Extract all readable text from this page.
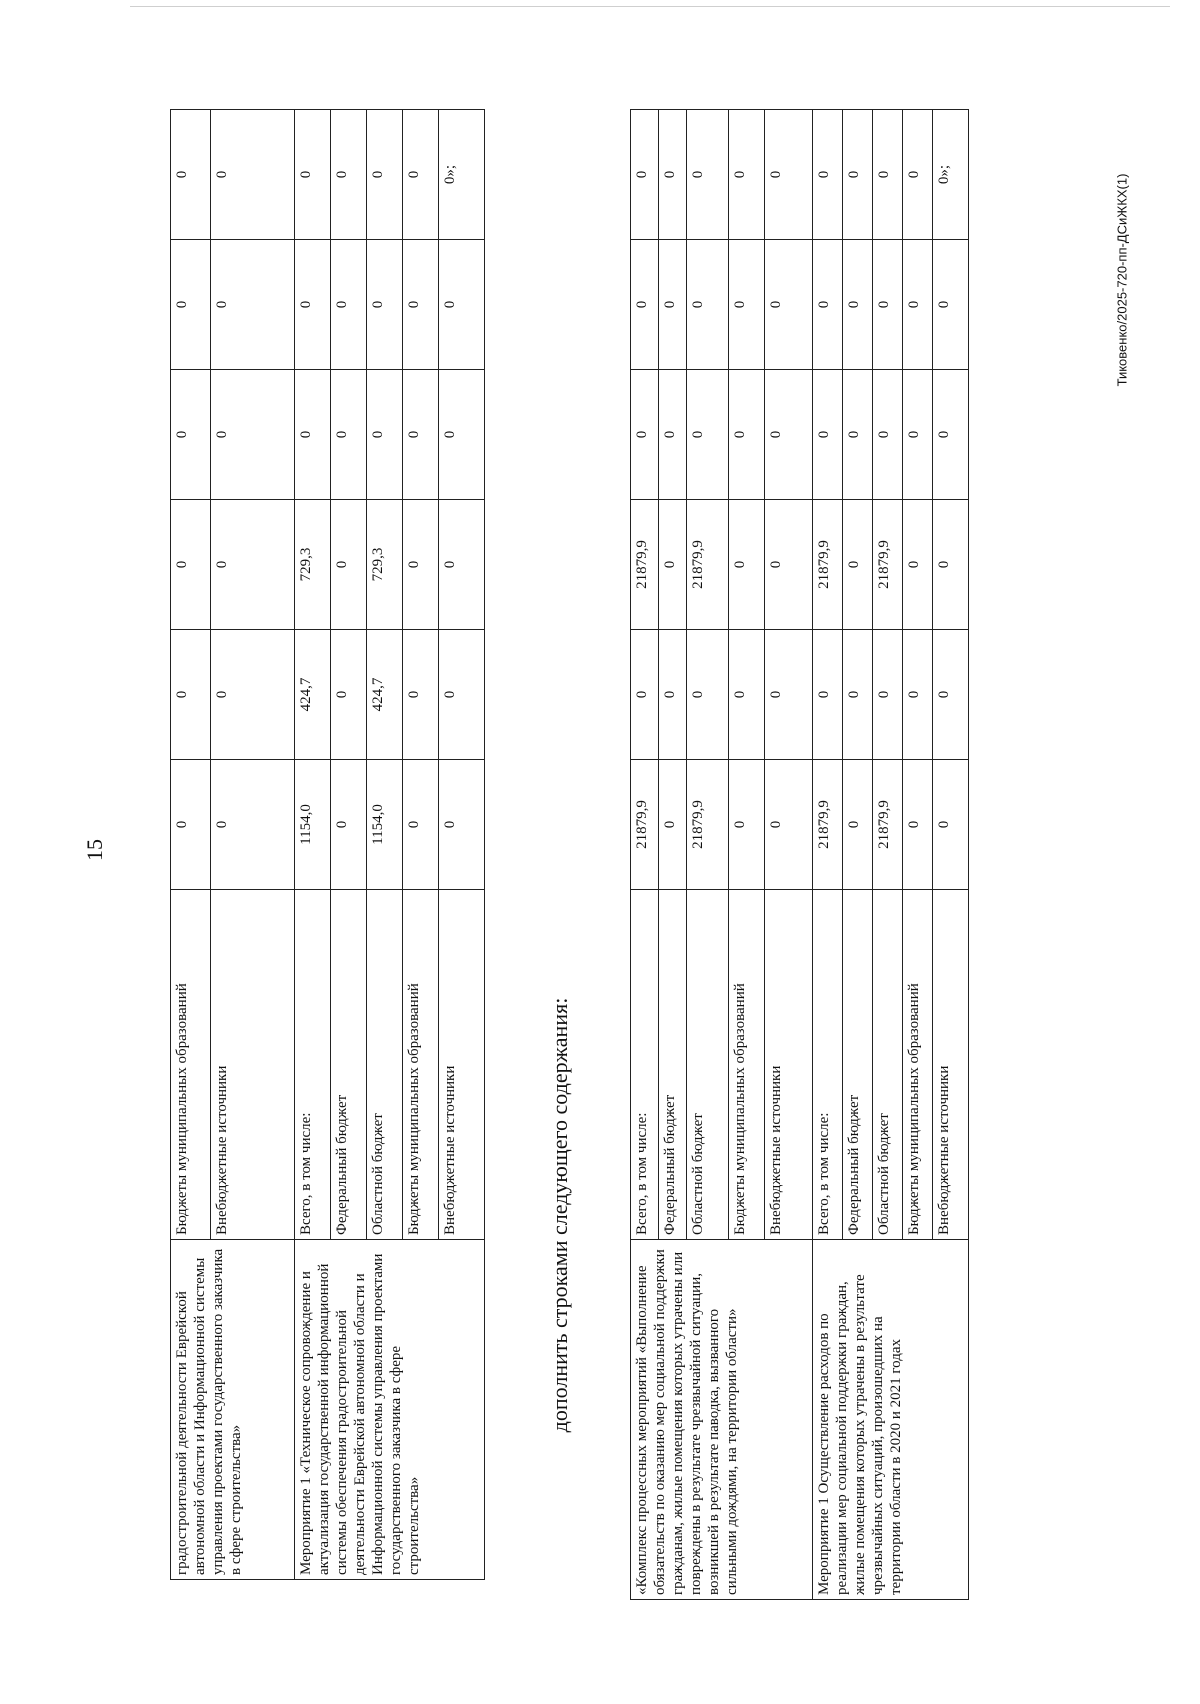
15
градостроительной деятельности Еврейской автономной области и Информационной системы управления проектами государственного заказчика в сфере строительства»	Бюджеты муниципальных образований	0	0	0	0	0	0
	Внебюджетные источники	0	0	0	0	0	0
Мероприятие 1 «Техническое сопровождение и актуализация государственной информационной системы обеспечения градостроительной деятельности Еврейской автономной области и Информационной системы управления проектами государственного заказчика в сфере строительства»	Всего, в том числе:	1154,0	424,7	729,3	0	0	0
	Федеральный бюджет	0	0	0	0	0	0
	Областной бюджет	1154,0	424,7	729,3	0	0	0
	Бюджеты муниципальных образований	0	0	0	0	0	0
	Внебюджетные источники	0	0	0	0	0	0»;
дополнить строками следующего содержания:	«Комплекс процессных мероприятий «Выполнение обязательств по оказанию мер социальной поддержки гражданам, жилые помещения которых утрачены или повреждены в результате чрезвычайной ситуации, возникшей в результате паводка, вызванного сильными дождями, на территории области»	Всего, в том числе:	21879,9	0	21879,9	0	0	0
	Федеральный бюджет	0	0	0	0	0	0
	Областной бюджет	21879,9	0	21879,9	0	0	0
	Бюджеты муниципальных образований	0	0	0	0	0	0
	Внебюджетные источники	0	0	0	0	0	0
Мероприятие 1 Осуществление расходов по реализации мер социальной поддержки граждан, жилые помещения которых утрачены в результате чрезвычайных ситуаций, произошедших на территории области в 2020 и 2021 годах	Всего, в том числе:	21879,9	0	21879,9	0	0	0
	Федеральный бюджет	0	0	0	0	0	0
	Областной бюджет	21879,9	0	21879,9	0	0	0
	Бюджеты муниципальных образований	0	0	0	0	0	0
	Внебюджетные источники	0	0	0	0	0	0»;	Тиковенко/2025-720-пп-ДСиЖКХ(1)
